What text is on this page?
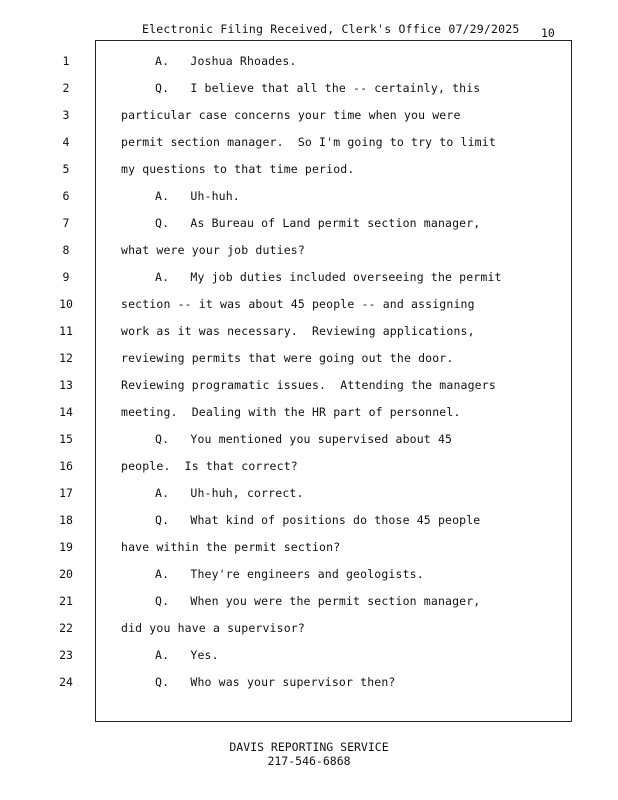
Electronic Filing Received, Clerk's Office 07/29/2025 10
1	A.   Joshua Rhoades.
2	Q.   I believe that all the -- certainly, this
3	particular case concerns your time when you were
4	permit section manager.  So I'm going to try to limit
5	my questions to that time period.
6	A.   Uh-huh.
7	Q.   As Bureau of Land permit section manager,
8	what were your job duties?
9	A.   My job duties included overseeing the permit
10	section -- it was about 45 people -- and assigning
11	work as it was necessary.  Reviewing applications,
12	reviewing permits that were going out the door.
13	Reviewing programatic issues.  Attending the managers
14	meeting.  Dealing with the HR part of personnel.
15	Q.   You mentioned you supervised about 45
16	people.  Is that correct?
17	A.   Uh-huh, correct.
18	Q.   What kind of positions do those 45 people
19	have within the permit section?
20	A.   They're engineers and geologists.
21	Q.   When you were the permit section manager,
22	did you have a supervisor?
23	A.   Yes.
24	Q.   Who was your supervisor then?
DAVIS REPORTING SERVICE
217-546-6868
